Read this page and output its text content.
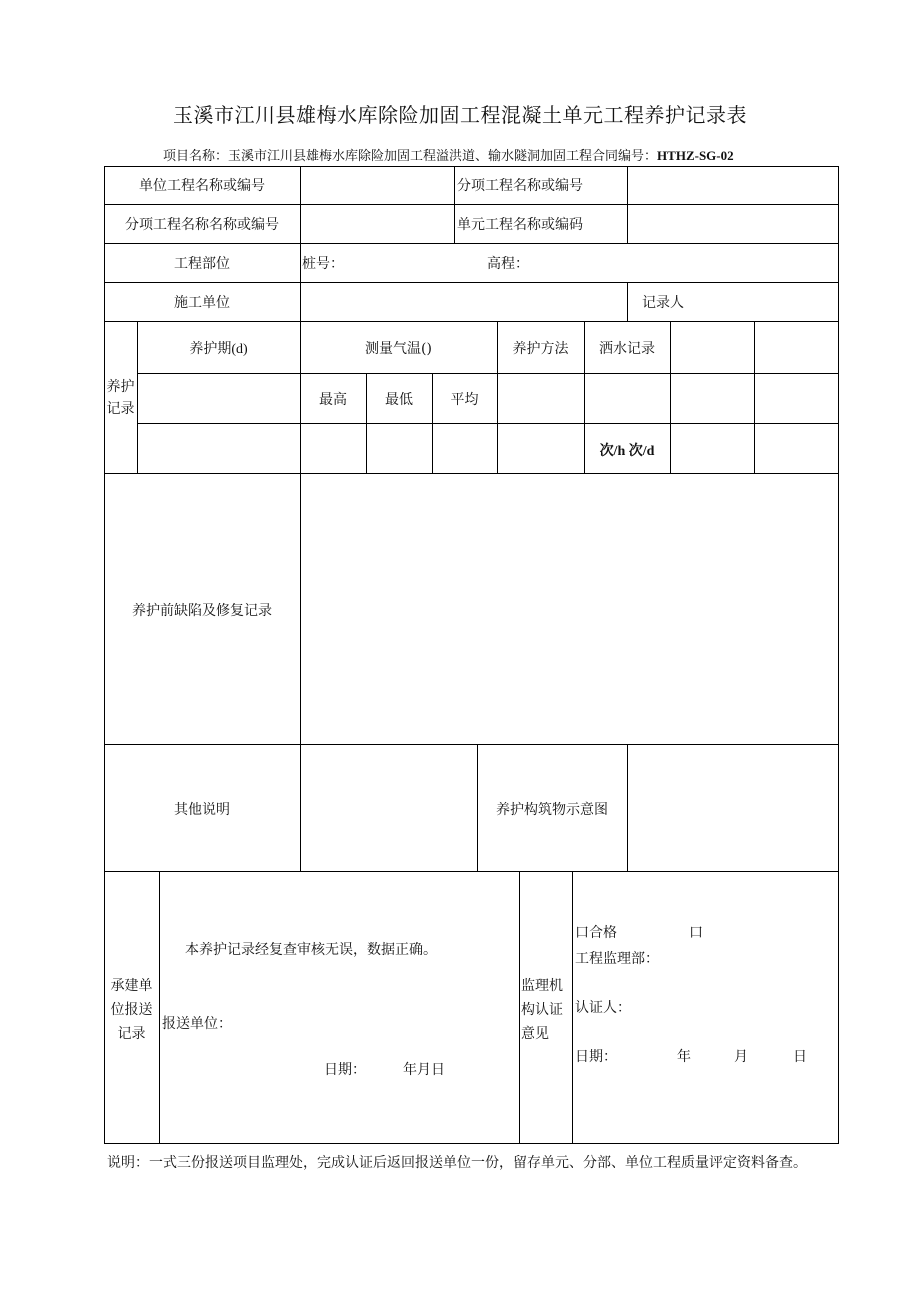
玉溪市江川县雄梅水库除险加固工程混凝土单元工程养护记录表
项目名称：玉溪市江川县雄梅水库除险加固工程溢洪道、输水隧洞加固工程合同编号：HTHZ-SG-02
单位工程名称或编号	分项工程名称或编号
分项工程名称名称或编号	单元工程名称或编码
工程部位	桩号：	高程：
施工单位	记录人
养护记录
养护期(d)	测量气温()	养护方法	洒水记录
最高	最低	平均
次/h 次/d
养护前缺陷及修复记录
其他说明	养护构筑物示意图
承建单位报送记录
本养护记录经复查审核无误，数据正确。
报送单位：
日期：	年月日
监理机构认证意见
口合格	口
工程监理部：
认证人：
日期：	年	月	日
说明：一式三份报送项目监理处，完成认证后返回报送单位一份，留存单元、分部、单位工程质量评定资料备查。
